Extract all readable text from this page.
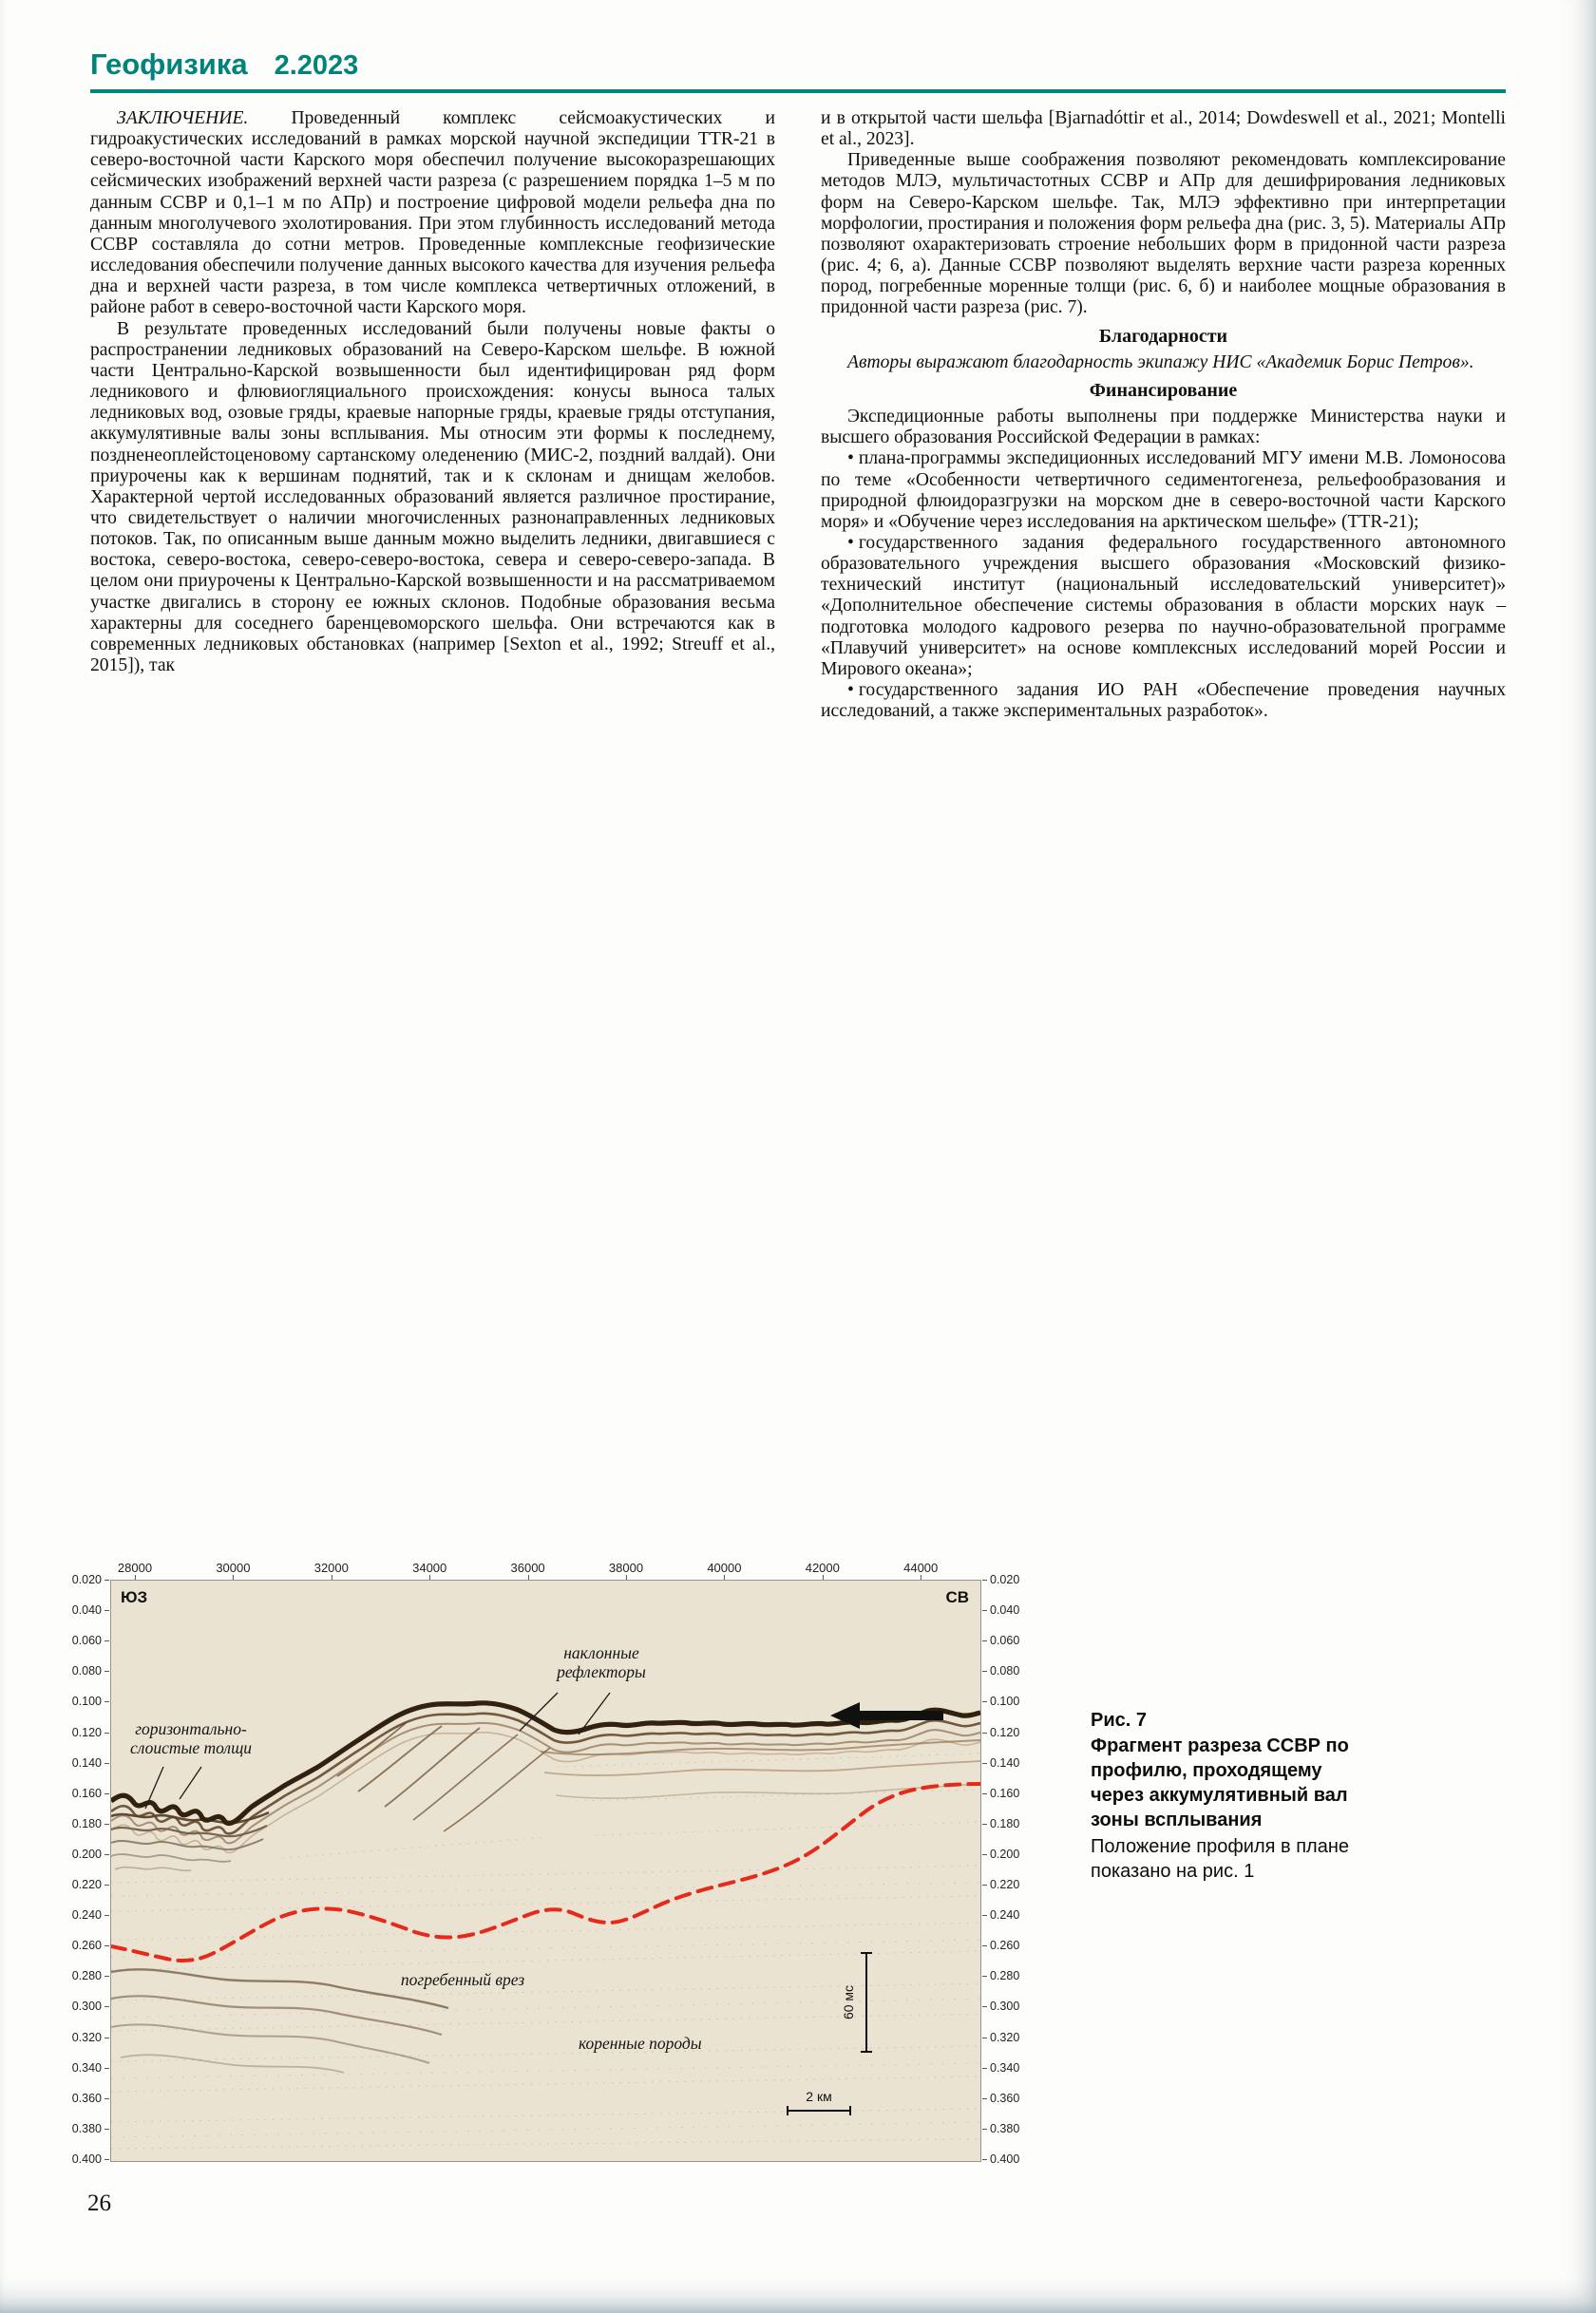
Геофизика 2.2023

ЗАКЛЮЧЕНИЕ. Проведенный комплекс сейсмоакустических и гидроакустических исследований в рамках морской научной экспедиции TTR-21 в северо-восточной части Карского моря обеспечил получение высокоразрешающих сейсмических изображений верхней части разреза (с разрешением порядка 1–5 м по данным ССВР и 0,1–1 м по АПр) и построение цифровой модели рельефа дна по данным многолучевого эхолотирования. При этом глубинность исследований метода ССВР составляла до сотни метров. Проведенные комплексные геофизические исследования обеспечили получение данных высокого качества для изучения рельефа дна и верхней части разреза, в том числе комплекса четвертичных отложений, в районе работ в северо-восточной части Карского моря.

В результате проведенных исследований были получены новые факты о распространении ледниковых образований на Северо-Карском шельфе. В южной части Центрально-Карской возвышенности был идентифицирован ряд форм ледникового и флювиогляциального происхождения: конусы выноса талых ледниковых вод, озовые гряды, краевые напорные гряды, краевые гряды отступания, аккумулятивные валы зоны всплывания. Мы относим эти формы к последнему, поздненеоплейстоценовому сартанскому оледенению (МИС-2, поздний валдай). Они приурочены как к вершинам поднятий, так и к склонам и днищам желобов. Характерной чертой исследованных образований является различное простирание, что свидетельствует о наличии многочисленных разнонаправленных ледниковых потоков. Так, по описанным выше данным можно выделить ледники, двигавшиеся с востока, северо-востока, северо-северо-востока, севера и северо-северо-запада. В целом они приурочены к Центрально-Карской возвышенности и на рассматриваемом участке двигались в сторону ее южных склонов. Подобные образования весьма характерны для соседнего баренцевоморского шельфа. Они встречаются как в современных ледниковых обстановках (например [Sexton et al., 1992; Streuff et al., 2015]), так

и в открытой части шельфа [Bjarnadóttir et al., 2014; Dowdeswell et al., 2021; Montelli et al., 2023].

Приведенные выше соображения позволяют рекомендовать комплексирование методов МЛЭ, мультичастотных ССВР и АПр для дешифрирования ледниковых форм на Северо-Карском шельфе. Так, МЛЭ эффективно при интерпретации морфологии, простирания и положения форм рельефа дна (рис. 3, 5). Материалы АПр позволяют охарактеризовать строение небольших форм в придонной части разреза (рис. 4; 6, а). Данные ССВР позволяют выделять верхние части разреза коренных пород, погребенные моренные толщи (рис. 6, б) и наиболее мощные образования в придонной части разреза (рис. 7).

Благодарности

Авторы выражают благодарность экипажу НИС «Академик Борис Петров».

Финансирование

Экспедиционные работы выполнены при поддержке Министерства науки и высшего образования Российской Федерации в рамках:

• плана-программы экспедиционных исследований МГУ имени М.В. Ломоносова по теме «Особенности четвертичного седиментогенеза, рельефообразования и природной флюидоразгрузки на морском дне в северо-восточной части Карского моря» и «Обучение через исследования на арктическом шельфе» (TTR-21);

• государственного задания федерального государственного автономного образовательного учреждения высшего образования «Московский физико-технический институт (национальный исследовательский университет)» «Дополнительное обеспечение системы образования в области морских наук – подготовка молодого кадрового резерва по научно-образовательной программе «Плавучий университет» на основе комплексных исследований морей России и Мирового океана»;

• государственного задания ИО РАН «Обеспечение проведения научных исследований, а также экспериментальных разработок».

28000	30000	32000	34000	36000	38000	40000	42000	44000
0.020
0.040
0.060
0.080
0.100
0.120
0.140
0.160
0.180
0.200
0.220
0.240
0.260
0.280
0.300
0.320
0.340
0.360
0.380
0.400
60 мс
2 км
ЮЗ	СВ
наклонные рефлекторы
горизонтально-слоистые толщи
погребенный врез
коренные породы
0.020
0.040
0.060
0.080
0.100
0.120
0.140
0.160
0.180
0.200
0.220
0.240
0.260
0.280
0.300
0.320
0.340
0.360
0.380
0.400
Рис. 7
Фрагмент разреза ССВР по профилю, проходящему через аккумулятивный вал зоны всплывания
Положение профиля в плане показано на рис. 1
26
